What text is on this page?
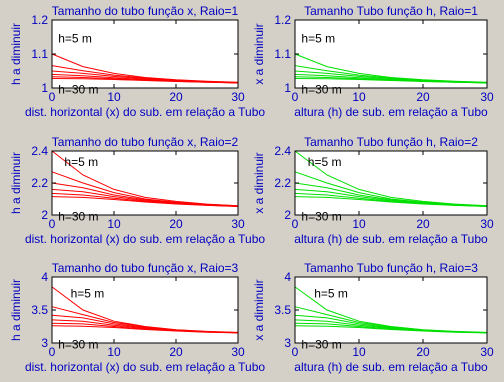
0	10	20	30
1
1.1
1.2
h=5 m
h=30 m
Tamanho do tubo função x, Raio=1
dist. horizontal (x) do sub. em relação a Tubo
h a diminuir
0	10	20	30
1
1.1
1.2
h=5 m
h=30 m
Tamanho Tubo função h, Raio=1
altura (h) de sub. em relação a Tubo
x a diminuir
0	10	20	30
2
2.2
2.4
h=5 m
h=30 m
Tamanho do tubo função x, Raio=2
dist. horizontal (x) do sub. em relação a Tubo
h a diminuir
0	10	20	30
2
2.2
2.4
h=5 m
h=30 m
Tamanho Tubo função h, Raio=2
altura (h) de sub. em relação a Tubo
x a diminuir
0	10	20	30
3
3.5
4
h=5 m
h=30 m
Tamanho do tubo função x, Raio=3
dist. horizontal (x) do sub. em relação a Tubo
h a diminuir
0	10	20	30
3
3.5
4
h=5 m
h=30 m
Tamanho Tubo função h, Raio=3
altura (h) de sub. em relação a Tubo
x a diminuir
